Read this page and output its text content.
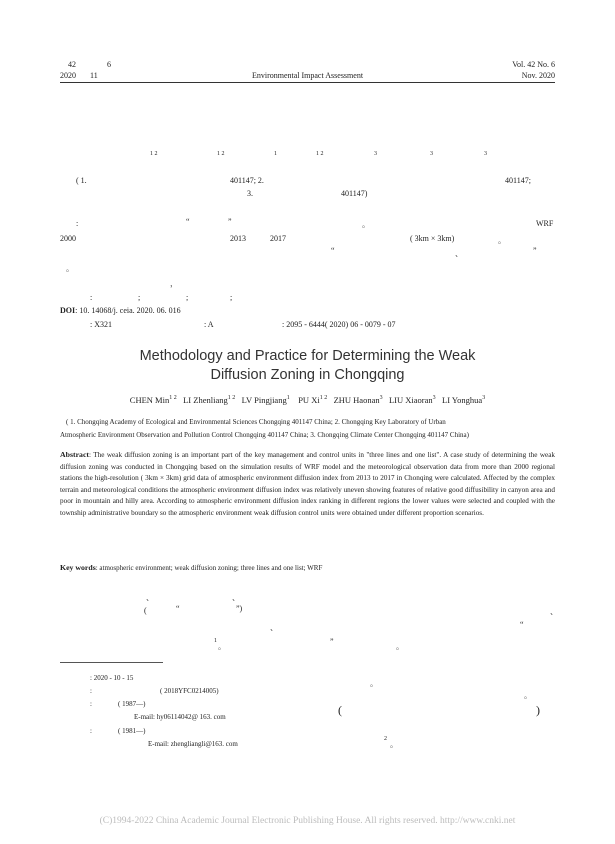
42	6
2020 11	Environmental Impact Assessment
Vol. 42 No. 6
Nov. 2020
1 2	1 2	1	1 2	3	3	3
( 1.	401147; 2.	401147;
3.	401147)
:	“	”	。	WRF
2000	2013	2017	( 3km × 3km)	。
“	、	”
。
，
:	;	;	;
DOI: 10. 14068/j. ceia. 2020. 06. 016
: X321	: A	: 2095 - 6444( 2020) 06 - 0079 - 07
Methodology and Practice for Determining the Weak
Diffusion Zoning in Chongqing
CHEN Min$^{1 2}$ LI Zhenliang$^{1 2}$ LV Pingjiang$^1$ PU $Xi^{1 2}$ ZHU Haonan$^3$ LIU Xiaoran$^3$ LI Yonghua$^3$
( 1. Chongqing Academy of Ecological and Environmental Sciences Chongqing 401147 China; 2. Chongqing Key Laboratory of Urban
Atmospheric Environment Observation and Pollution Control Chongqing 401147 China; 3. Chongqing Climate Center Chongqing 401147 China)
Abstract: The weak diffusion zoning is an important part of the key management and control units in "three lines and one list". A case study of determining the weak diffusion zoning was conducted in Chongqing based on the simulation results of WRF model and the meteorological observation data from more than 2000 regional stations the high-resolution ( 3km × 3km) grid data of atmospheric environment diffusion index from 2013 to 2017 in Chonqing were calculated. Affected by the complex terrain and meteorological conditions the atmospheric environment diffusion index was relatively uneven showing features of relative good diffusibility in canyon area and poor in mountain and hilly area. According to atmospheric environment diffusion index ranking in different regions the lower values were selected and coupled with the township administrative boundary so the atmospheric environment weak diffusion control units were obtained under different proportion scenarios.
Key words: atmospheric environment; weak diffusion zoning; three lines and one list; WRF
、	、
(	“	”)	、
“
、
1
。
”
。
: 2020 - 10 - 15
:	( 2018YFC0214005)
:	( 1987—)
E-mail: hy06114042@ 163. com
:	( 1981—)
E-mail: zhengliangli@163. com
。
。
(	)
2
。
(C)1994-2022 China Academic Journal Electronic Publishing House. All rights reserved. http://www.cnki.net
